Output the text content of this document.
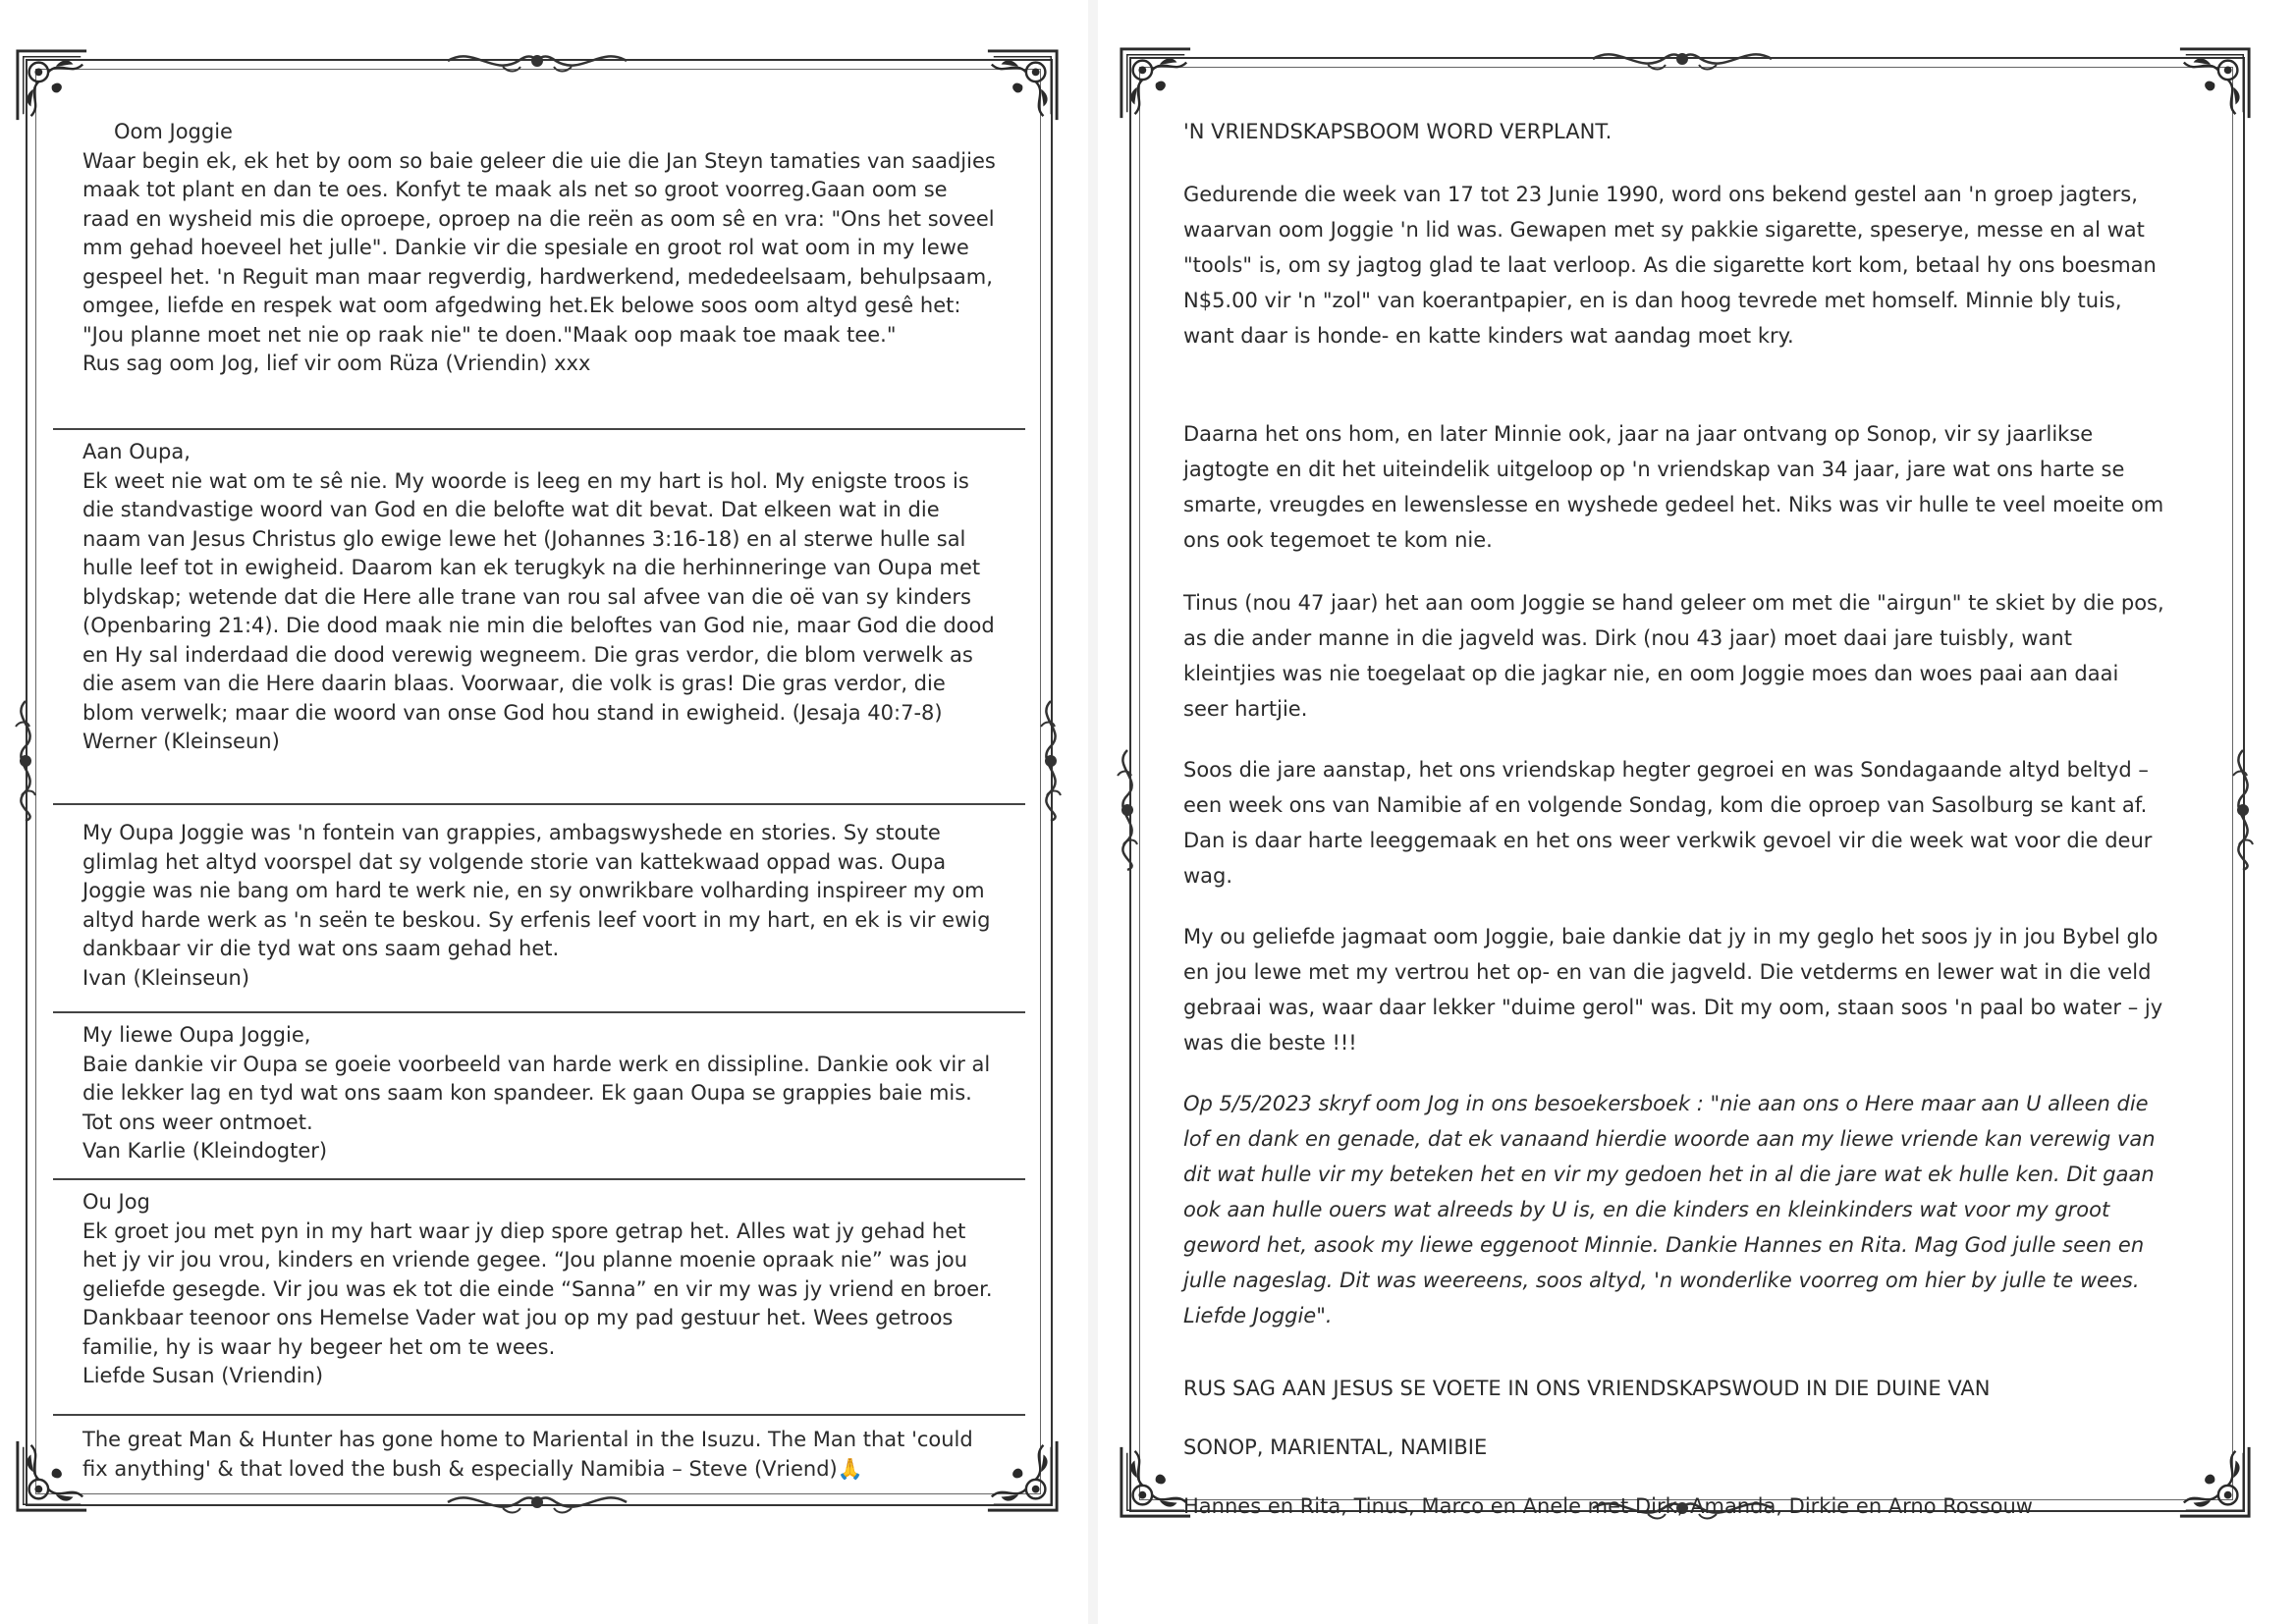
Oom Joggie

Waar begin ek, ek het by oom so baie geleer die uie die Jan Steyn tamaties van saadjies maak tot plant en dan te oes. Konfyt te maak als net so groot voorreg.Gaan oom se raad en wysheid mis die oproepe, oproep na die reën as oom sê en vra: "Ons het soveel mm gehad hoeveel het julle". Dankie vir die spesiale en groot rol wat oom in my lewe gespeel het. 'n Reguit man maar regverdig, hardwerkend, mededeelsaam, behulpsaam, omgee, liefde en respek wat oom afgedwing het.Ek belowe soos oom altyd gesê het: "Jou planne moet net nie op raak nie" te doen."Maak oop maak toe maak tee."

Rus sag oom Jog, lief vir oom Rüza (Vriendin) xxx

Aan Oupa,

Ek weet nie wat om te sê nie. My woorde is leeg en my hart is hol. My enigste troos is die standvastige woord van God en die belofte wat dit bevat. Dat elkeen wat in die naam van Jesus Christus glo ewige lewe het (Johannes 3:16-18) en al sterwe hulle sal hulle leef tot in ewigheid. Daarom kan ek terugkyk na die herhinneringe van Oupa met blydskap; wetende dat die Here alle trane van rou sal afvee van die oë van sy kinders (Openbaring 21:4). Die dood maak nie min die beloftes van God nie, maar God die dood en Hy sal inderdaad die dood verewig wegneem. Die gras verdor, die blom verwelk as die asem van die Here daarin blaas. Voorwaar, die volk is gras! Die gras verdor, die blom verwelk; maar die woord van onse God hou stand in ewigheid. (Jesaja 40:7-8)

Werner (Kleinseun)

My Oupa Joggie was 'n fontein van grappies, ambagswyshede en stories. Sy stoute glimlag het altyd voorspel dat sy volgende storie van kattekwaad oppad was. Oupa Joggie was nie bang om hard te werk nie, en sy onwrikbare volharding inspireer my om altyd harde werk as 'n seën te beskou. Sy erfenis leef voort in my hart, en ek is vir ewig dankbaar vir die tyd wat ons saam gehad het.

Ivan (Kleinseun)

My liewe Oupa Joggie,

Baie dankie vir Oupa se goeie voorbeeld van harde werk en dissipline. Dankie ook vir al die lekker lag en tyd wat ons saam kon spandeer. Ek gaan Oupa se grappies baie mis. Tot ons weer ontmoet.

Van Karlie (Kleindogter)

Ou Jog

Ek groet jou met pyn in my hart waar jy diep spore getrap het. Alles wat jy gehad het het jy vir jou vrou, kinders en vriende gegee. “Jou planne moenie opraak nie” was jou geliefde gesegde. Vir jou was ek tot die einde “Sanna” en vir my was jy vriend en broer. Dankbaar teenoor ons Hemelse Vader wat jou op my pad gestuur het. Wees getroos familie, hy is waar hy begeer het om te wees.

Liefde Susan (Vriendin)

The great Man & Hunter has gone home to Mariental in the Isuzu. The Man that 'could fix anything' & that loved the bush & especially Namibia – Steve (Vriend)🙏

'N VRIENDSKAPSBOOM WORD VERPLANT.

Gedurende die week van 17 tot 23 Junie 1990, word ons bekend gestel aan 'n groep jagters, waarvan oom Joggie 'n lid was. Gewapen met sy pakkie sigarette, speserye, messe en al wat "tools" is, om sy jagtog glad te laat verloop. As die sigarette kort kom, betaal hy ons boesman N$5.00 vir 'n "zol" van koerantpapier, en is dan hoog tevrede met homself. Minnie bly tuis, want daar is honde- en katte kinders wat aandag moet kry.

Daarna het ons hom, en later Minnie ook, jaar na jaar ontvang op Sonop, vir sy jaarlikse jagtogte en dit het uiteindelik uitgeloop op 'n vriendskap van 34 jaar, jare wat ons harte se smarte, vreugdes en lewenslesse en wyshede gedeel het. Niks was vir hulle te veel moeite om ons ook tegemoet te kom nie.

Tinus (nou 47 jaar) het aan oom Joggie se hand geleer om met die "airgun" te skiet by die pos, as die ander manne in die jagveld was. Dirk (nou 43 jaar) moet daai jare tuisbly, want kleintjies was nie toegelaat op die jagkar nie, en oom Joggie moes dan woes paai aan daai seer hartjie.

Soos die jare aanstap, het ons vriendskap hegter gegroei en was Sondagaande altyd beltyd – een week ons van Namibie af en volgende Sondag, kom die oproep van Sasolburg se kant af. Dan is daar harte leeggemaak en het ons weer verkwik gevoel vir die week wat voor die deur wag.

My ou geliefde jagmaat oom Joggie, baie dankie dat jy in my geglo het soos jy in jou Bybel glo en jou lewe met my vertrou het op- en van die jagveld. Die vetderms en lewer wat in die veld gebraai was, waar daar lekker "duime gerol" was. Dit my oom, staan soos 'n paal bo water – jy was die beste !!!

Op 5/5/2023 skryf oom Jog in ons besoekersboek : "nie aan ons o Here maar aan U alleen die lof en dank en genade, dat ek vanaand hierdie woorde aan my liewe vriende kan verewig van dit wat hulle vir my beteken het en vir my gedoen het in al die jare wat ek hulle ken. Dit gaan ook aan hulle ouers wat alreeds by U is, en die kinders en kleinkinders wat voor my groot geword het, asook my liewe eggenoot Minnie. Dankie Hannes en Rita. Mag God julle seen en julle nageslag. Dit was weereens, soos altyd, 'n wonderlike voorreg om hier by julle te wees. Liefde Joggie".

RUS SAG AAN JESUS SE VOETE IN ONS VRIENDSKAPSWOUD IN DIE DUINE VAN

SONOP, MARIENTAL, NAMIBIE

Hannes en Rita, Tinus, Marco en Anele met Dirk, Amanda, Dirkie en Arno Rossouw
